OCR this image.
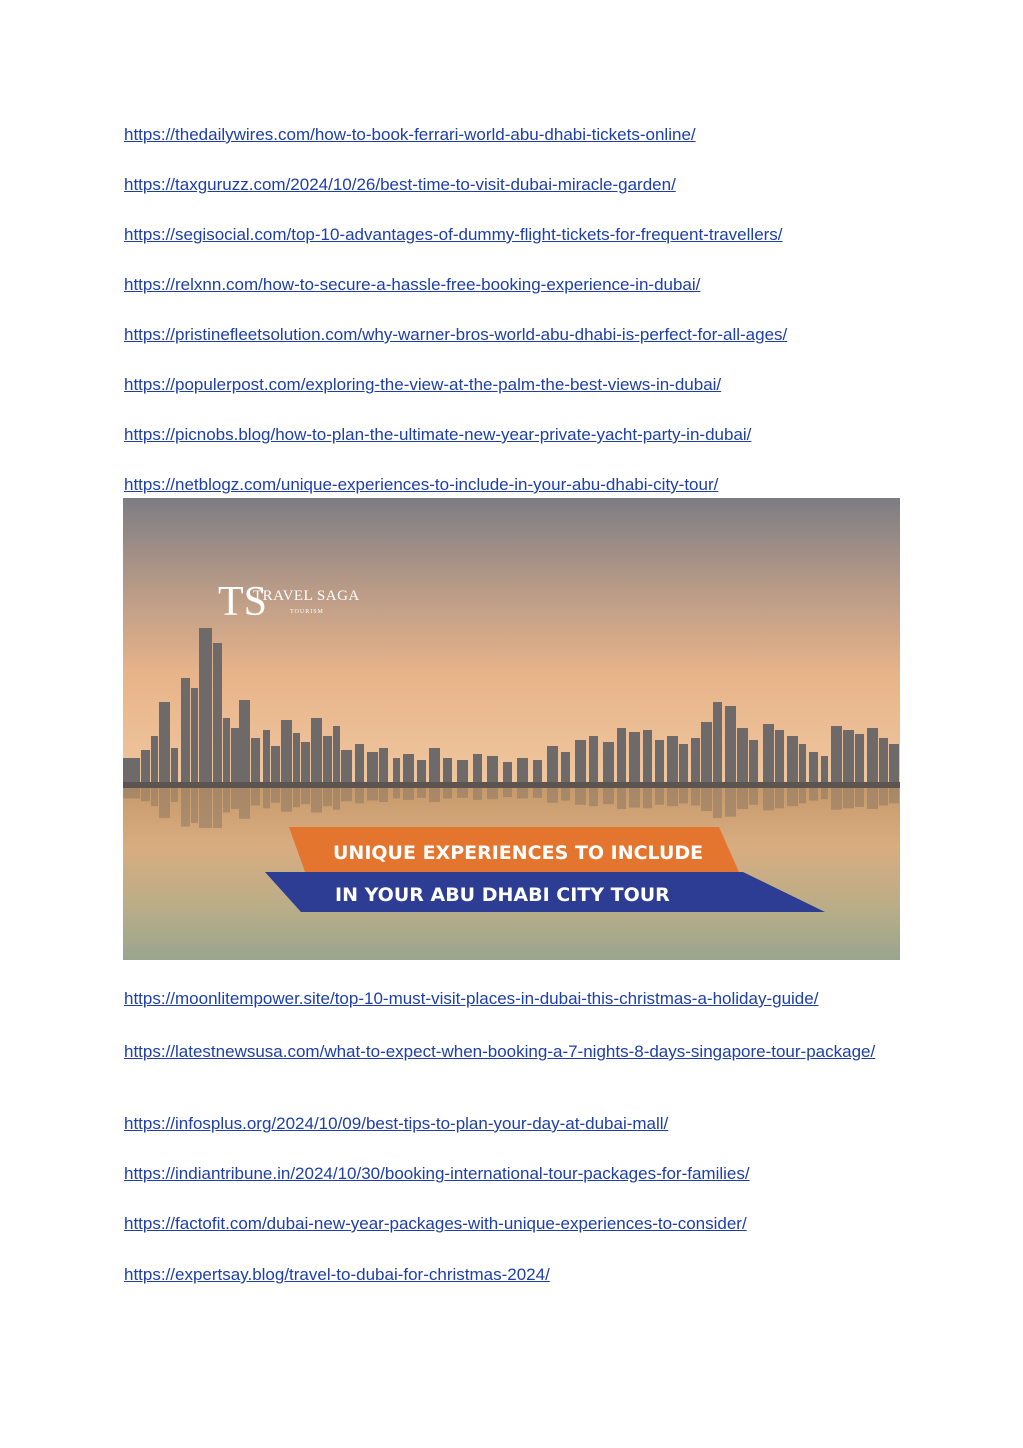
https://thedailywires.com/how-to-book-ferrari-world-abu-dhabi-tickets-online/
https://taxguruzz.com/2024/10/26/best-time-to-visit-dubai-miracle-garden/
https://segisocial.com/top-10-advantages-of-dummy-flight-tickets-for-frequent-travellers/
https://relxnn.com/how-to-secure-a-hassle-free-booking-experience-in-dubai/
https://pristinefleetsolution.com/why-warner-bros-world-abu-dhabi-is-perfect-for-all-ages/
https://populerpost.com/exploring-the-view-at-the-palm-the-best-views-in-dubai/
https://picnobs.blog/how-to-plan-the-ultimate-new-year-private-yacht-party-in-dubai/
https://netblogz.com/unique-experiences-to-include-in-your-abu-dhabi-city-tour/
TS
TRAVEL SAGA
TOURISM
UNIQUE EXPERIENCES TO INCLUDE
IN YOUR ABU DHABI CITY TOUR
https://moonlitempower.site/top-10-must-visit-places-in-dubai-this-christmas-a-holiday-guide/
https://latestnewsusa.com/what-to-expect-when-booking-a-7-nights-8-days-singapore-tour-package/
https://infosplus.org/2024/10/09/best-tips-to-plan-your-day-at-dubai-mall/
https://indiantribune.in/2024/10/30/booking-international-tour-packages-for-families/
https://factofit.com/dubai-new-year-packages-with-unique-experiences-to-consider/
https://expertsay.blog/travel-to-dubai-for-christmas-2024/
